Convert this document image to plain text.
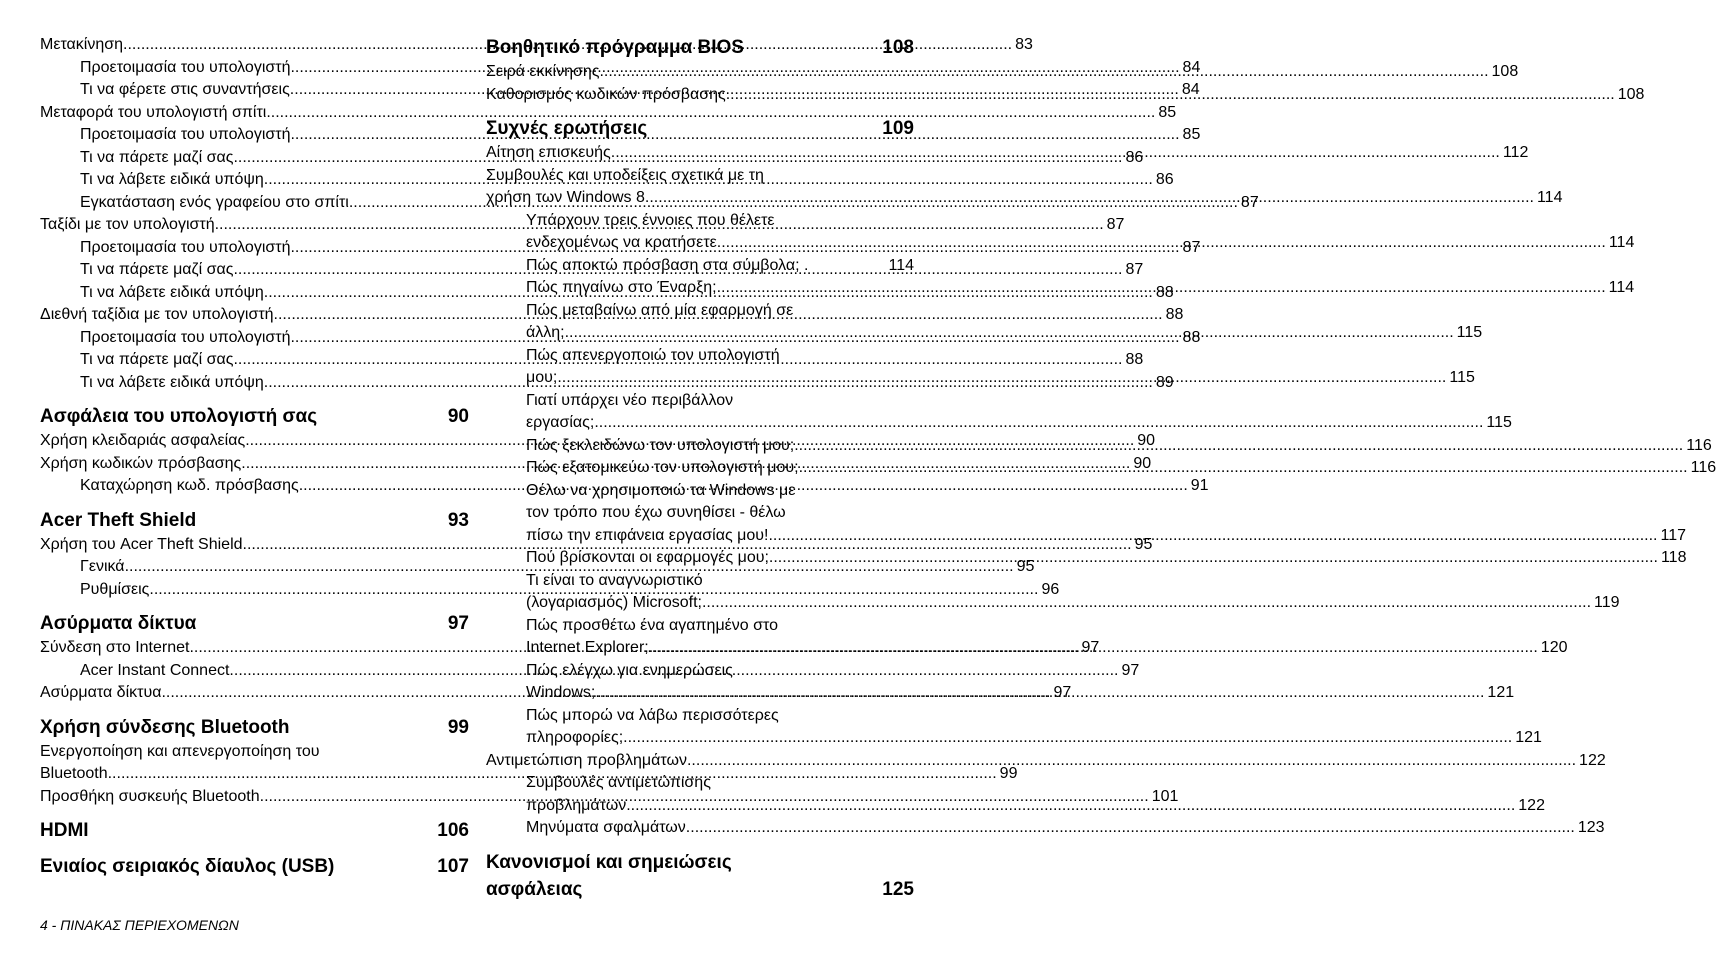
Μετακίνηση .....	83
Προετοιμασία του υπολογιστή .....	84
Τι να φέρετε στις συναντήσεις .....	84
Μεταφορά του υπολογιστή σπίτι .....	85
Προετοιμασία του υπολογιστή .....	85
Τι να πάρετε μαζί σας .....	86
Τι να λάβετε ειδικά υπόψη .....	86
Εγκατάσταση ενός γραφείου στο σπίτι .....	87
Ταξίδι με τον υπολογιστή .....	87
Προετοιμασία του υπολογιστή .....	87
Τι να πάρετε μαζί σας .....	87
Τι να λάβετε ειδικά υπόψη .....	88
Διεθνή ταξίδια με τον υπολογιστή .....	88
Προετοιμασία του υπολογιστή .....	88
Τι να πάρετε μαζί σας .....	88
Τι να λάβετε ειδικά υπόψη .....	89
Ασφάλεια του υπολογιστή σας	90
Χρήση κλειδαριάς ασφαλείας .....	90
Χρήση κωδικών πρόσβασης .....	90
Καταχώρηση κωδ. πρόσβασης .....	91
Acer Theft Shield	93
Χρήση του Acer Theft Shield .....	95
Γενικά .....	95
Ρυθμίσεις .....	96
Ασύρματα δίκτυα	97
Σύνδεση στο Internet .....	97
Acer Instant Connect .....	97
Ασύρματα δίκτυα .....	97
Χρήση σύνδεσης Bluetooth	99
Ενεργοποίηση και απενεργοποίηση του
Bluetooth .....	99
Προσθήκη συσκευής Bluetooth .....	101
HDMI	106
Ενιαίος σειριακός δίαυλος (USB)	107
Βοηθητικό πρόγραμμα BIOS	108
Σειρά εκκίνησης .....	108
Καθορισμός κωδικών πρόσβασης .....	108
Συχνές ερωτήσεις	109
Αίτηση επισκευής .....	112
Συμβουλές και υποδείξεις σχετικά με τη
χρήση των Windows 8 .....	114
Υπάρχουν τρεις έννοιες που θέλετε
ενδεχομένως να κρατήσετε .....	114
Πώς αποκτώ πρόσβαση στα σύμβολα; .	114
Πώς πηγαίνω στο Έναρξη; .....	114
Πώς μεταβαίνω από μία εφαρμογή σε
άλλη; .....	115
Πώς απενεργοποιώ τον υπολογιστή
μου; .....	115
Γιατί υπάρχει νέο περιβάλλον
εργασίας; .....	115
Πώς ξεκλειδώνω τον υπολογιστή μου; .....	116
Πώς εξατομικεύω τον υπολογιστή μου; .....	116
Θέλω να χρησιμοποιώ τα Windows με
τον τρόπο που έχω συνηθίσει - θέλω
πίσω την επιφάνεια εργασίας μου! .....	117
Πού βρίσκονται οι εφαρμογές μου; .....	118
Τι είναι το αναγνωριστικό
(λογαριασμός) Microsoft; .....	119
Πώς προσθέτω ένα αγαπημένο στο
Internet Explorer; .....	120
Πώς ελέγχω για ενημερώσεις
Windows; .....	121
Πώς μπορώ να λάβω περισσότερες
πληροφορίες; .....	121
Αντιμετώπιση προβλημάτων .....	122
Συμβουλές αντιμετώπισης
προβλημάτων .....	122
Μηνύματα σφαλμάτων .....	123
Κανονισμοί και σημειώσεις
ασφάλειας	125
4 - ΠΙΝΑΚΑΣ ΠΕΡΙΕΧΟΜΕΝΩΝ
